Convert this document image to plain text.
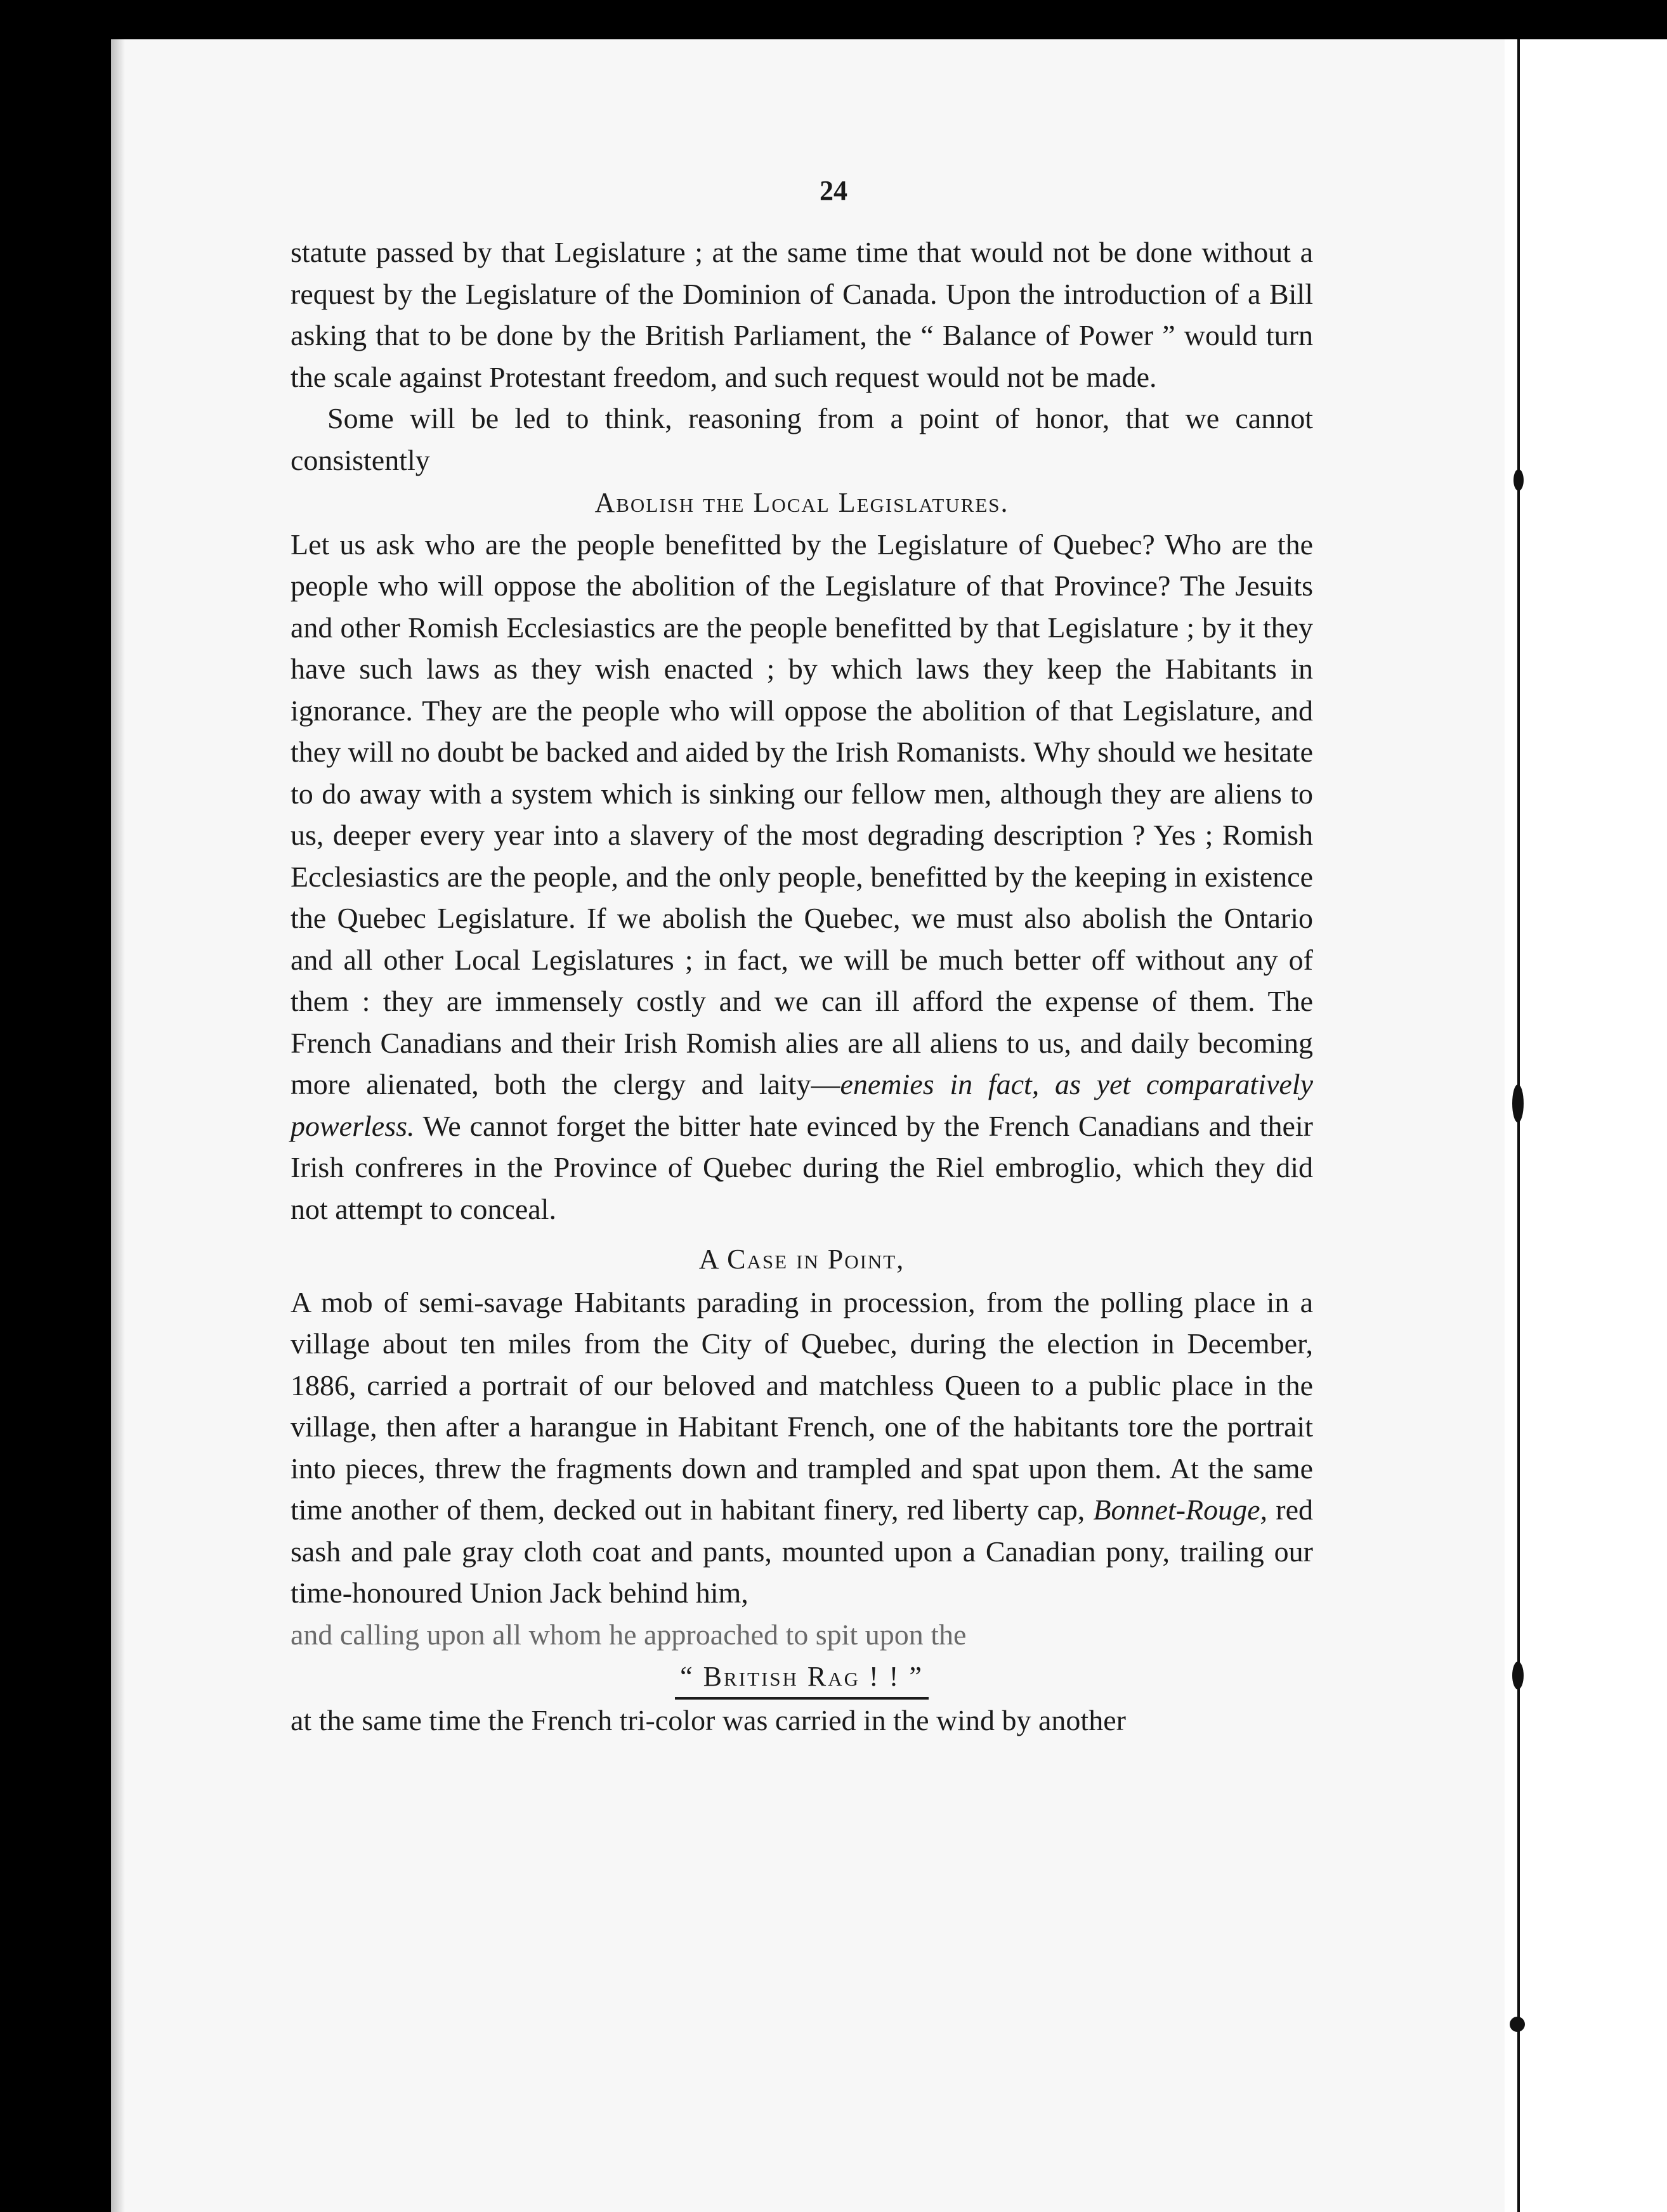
24

statute passed by that Legislature ; at the same time that would not be done without a request by the Legislature of the Dominion of Canada. Upon the introduction of a Bill asking that to be done by the British Parliament, the “ Balance of Power ” would turn the scale against Protestant freedom, and such request would not be made.

Some will be led to think, reasoning from a point of honor, that we cannot consistently

Abolish the Local Legislatures.

Let us ask who are the people benefitted by the Legislature of Quebec? Who are the people who will oppose the abolition of the Legislature of that Province? The Jesuits and other Romish Ecclesiastics are the people benefitted by that Legislature ; by it they have such laws as they wish enacted ; by which laws they keep the Habitants in ignorance. They are the people who will oppose the abolition of that Legislature, and they will no doubt be backed and aided by the Irish Romanists. Why should we hesitate to do away with a system which is sinking our fellow men, although they are aliens to us, deeper every year into a slavery of the most degrading description ? Yes ; Romish Ecclesiastics are the people, and the only people, benefitted by the keeping in existence the Quebec Legislature. If we abolish the Quebec, we must also abolish the Ontario and all other Local Legislatures ; in fact, we will be much better off without any of them : they are immensely costly and we can ill afford the expense of them. The French Canadians and their Irish Romish alies are all aliens to us, and daily becoming more alienated, both the clergy and laity—enemies in fact, as yet comparatively powerless. We cannot forget the bitter hate evinced by the French Canadians and their Irish confreres in the Province of Quebec during the Riel embroglio, which they did not attempt to conceal.

A Case in Point,

A mob of semi-savage Habitants parading in procession, from the polling place in a village about ten miles from the City of Quebec, during the election in December, 1886, carried a portrait of our beloved and matchless Queen to a public place in the village, then after a harangue in Habitant French, one of the habitants tore the portrait into pieces, threw the fragments down and trampled and spat upon them. At the same time another of them, decked out in habitant finery, red liberty cap, Bonnet-Rouge, red sash and pale gray cloth coat and pants, mounted upon a Canadian pony, trailing our time-honoured Union Jack behind him,

and calling upon all whom he approached to spit upon the

“ British Rag ! ! ”

at the same time the French tri-color was carried in the wind by another
